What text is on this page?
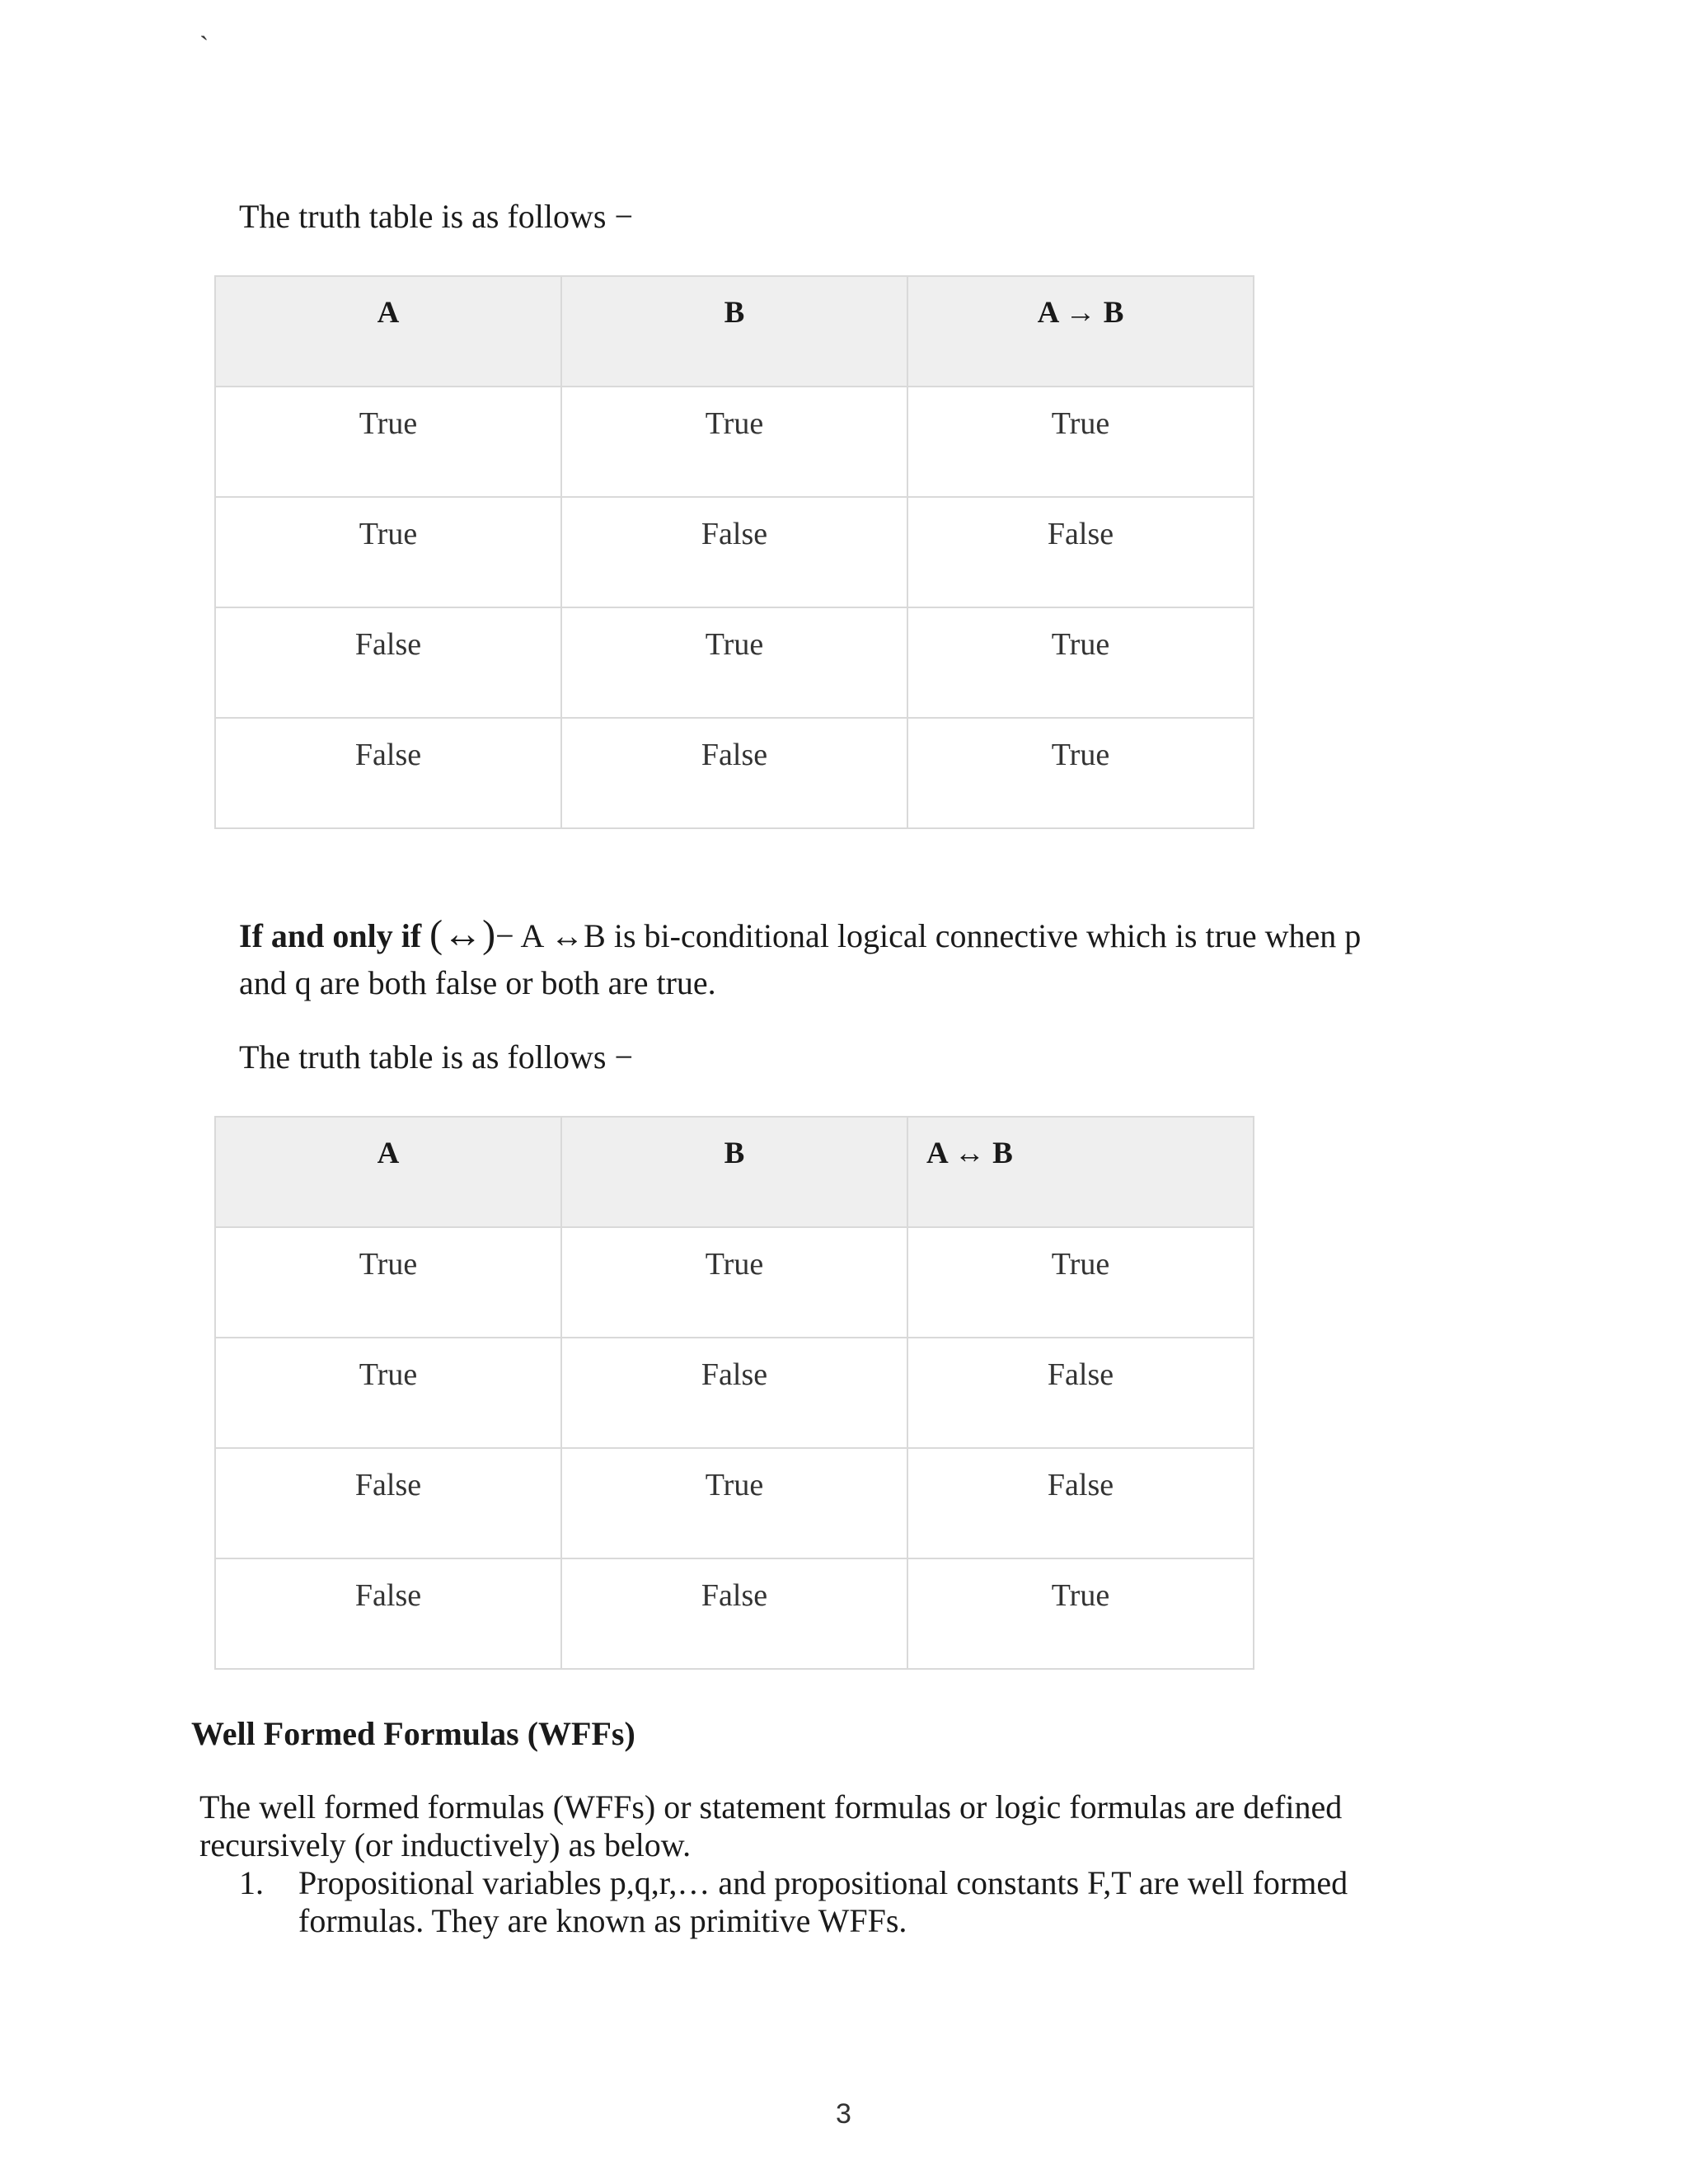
`

The truth table is as follows −

A	B	A → B

True	True	True

True	False	False

False	True	True

False	False	True

If and only if (↔)− A ↔B is bi-conditional logical connective which is true when p and q are both false or both are true.

The truth table is as follows −

A	B	A ↔ B

True	True	True

True	False	False

False	True	False

False	False	True
Well Formed Formulas (WFFs)

The well formed formulas (WFFs) or statement formulas or logic formulas are defined recursively (or inductively) as below.

1.	Propositional variables p,q,r,… and propositional constants F,T are well formed formulas. They are known as primitive WFFs.
3
